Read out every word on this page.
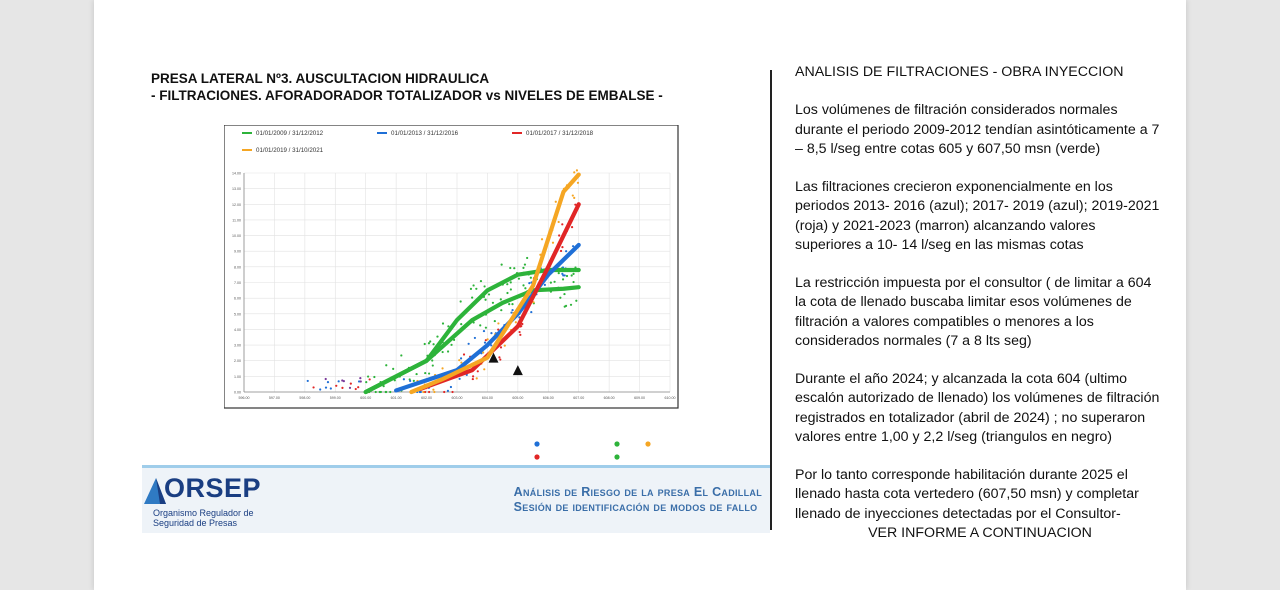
PRESA LATERAL Nº3. AUSCULTACION HIDRAULICA
- FILTRACIONES. AFORADORADOR TOTALIZADOR vs NIVELES DE EMBALSE -
01/01/2009 / 31/12/2012	01/01/2013 / 31/12/2016	01/01/2017 / 31/12/2018
01/01/2019 / 31/10/2021
0.00
1.00
2.00
3.00
4.00
5.00
6.00
7.00
8.00
9.00
10.00
11.00
12.00
13.00
14.00
596.00	597.00	598.00	599.00	600.00	601.00	602.00	603.00	604.00	605.00	606.00	607.00	608.00	609.00	610.00
ORSEP
Organismo Regulador de
Seguridad de Presas
Análisis de Riesgo de la presa El Cadillal
Sesión de identificación de modos de fallo

ANALISIS DE FILTRACIONES - OBRA INYECCION

Los volúmenes de filtración considerados normales durante el periodo 2009-2012 tendían asintóticamente a 7 – 8,5 l/seg entre cotas 605 y 607,50 msn (verde)

Las filtraciones crecieron exponencialmente en los periodos 2013- 2016 (azul); 2017- 2019 (azul); 2019-2021 (roja) y 2021-2023 (marron) alcanzando valores superiores a 10- 14 l/seg en las mismas cotas

La restricción impuesta por el consultor ( de limitar a 604 la cota de llenado buscaba limitar esos volúmenes de filtración a valores compatibles o menores a los considerados normales (7 a 8 lts seg)

Durante el año 2024; y alcanzada la cota 604 (ultimo escalón autorizado de llenado) los volúmenes de filtración registrados en totalizador (abril de 2024) ; no superaron valores entre 1,00 y 2,2 l/seg (triangulos en negro)

Por lo tanto corresponde habilitación durante 2025 el llenado hasta cota vertedero (607,50 msn) y completar llenado de inyecciones detectadas por el Consultor-

VER INFORME A CONTINUACION
